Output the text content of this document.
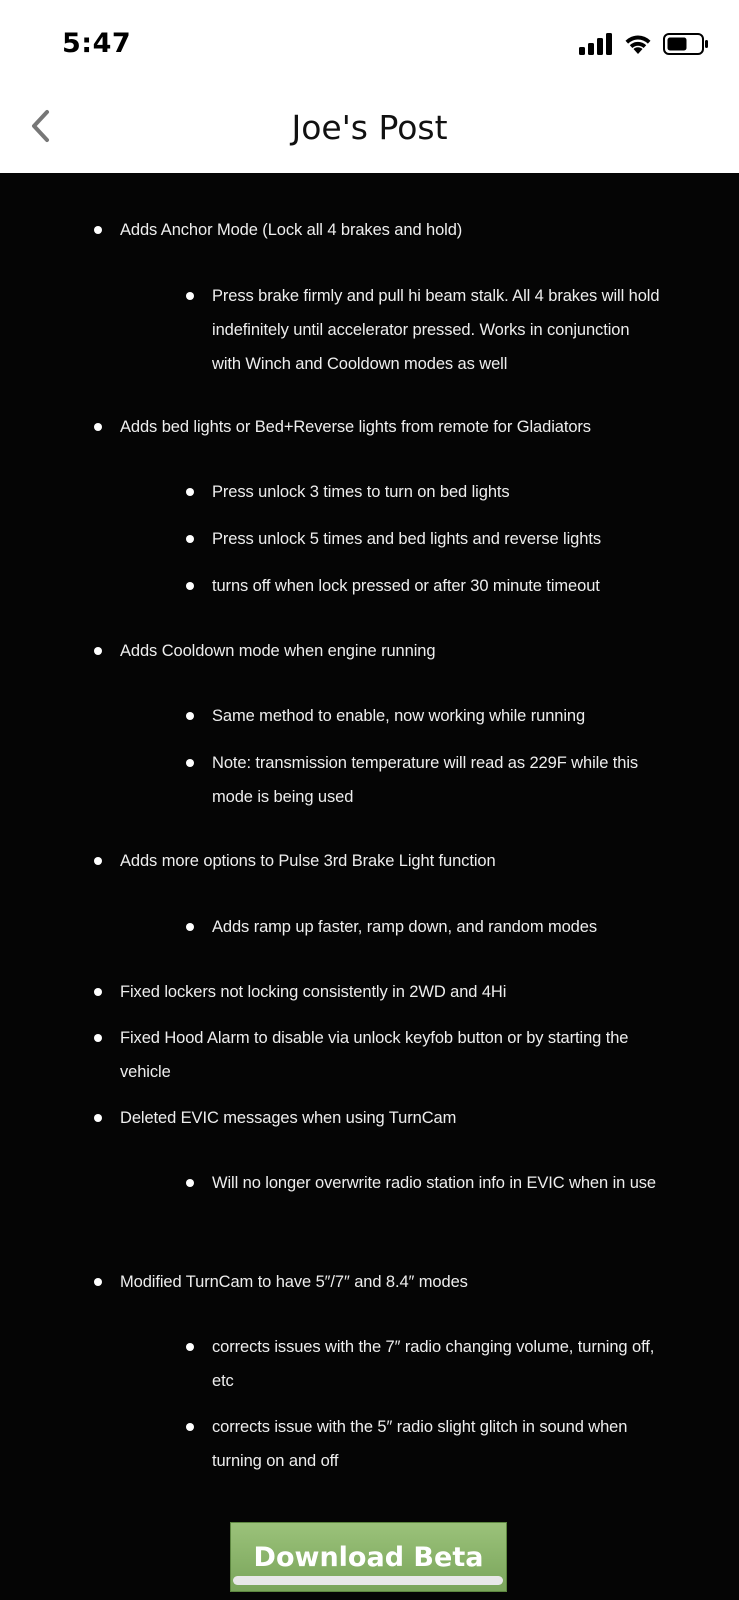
5:47
Joe's Post
Adds Anchor Mode (Lock all 4 brakes and hold)
Press brake firmly and pull hi beam stalk. All 4 brakes will hold indefinitely until accelerator pressed. Works in conjunction with Winch and Cooldown modes as well
Adds bed lights or Bed+Reverse lights from remote for Gladiators
Press unlock 3 times to turn on bed lights
Press unlock 5 times and bed lights and reverse lights
turns off when lock pressed or after 30 minute timeout
Adds Cooldown mode when engine running
Same method to enable, now working while running
Note: transmission temperature will read as 229F while this mode is being used
Adds more options to Pulse 3rd Brake Light function
Adds ramp up faster, ramp down, and random modes
Fixed lockers not locking consistently in 2WD and 4Hi
Fixed Hood Alarm to disable via unlock keyfob button or by starting the vehicle
Deleted EVIC messages when using TurnCam
Will no longer overwrite radio station info in EVIC when in use
Modified TurnCam to have 5″/7″ and 8.4″ modes
corrects issues with the 7″ radio changing volume, turning off, etc
corrects issue with the 5″ radio slight glitch in sound when turning on and off
Download Beta
